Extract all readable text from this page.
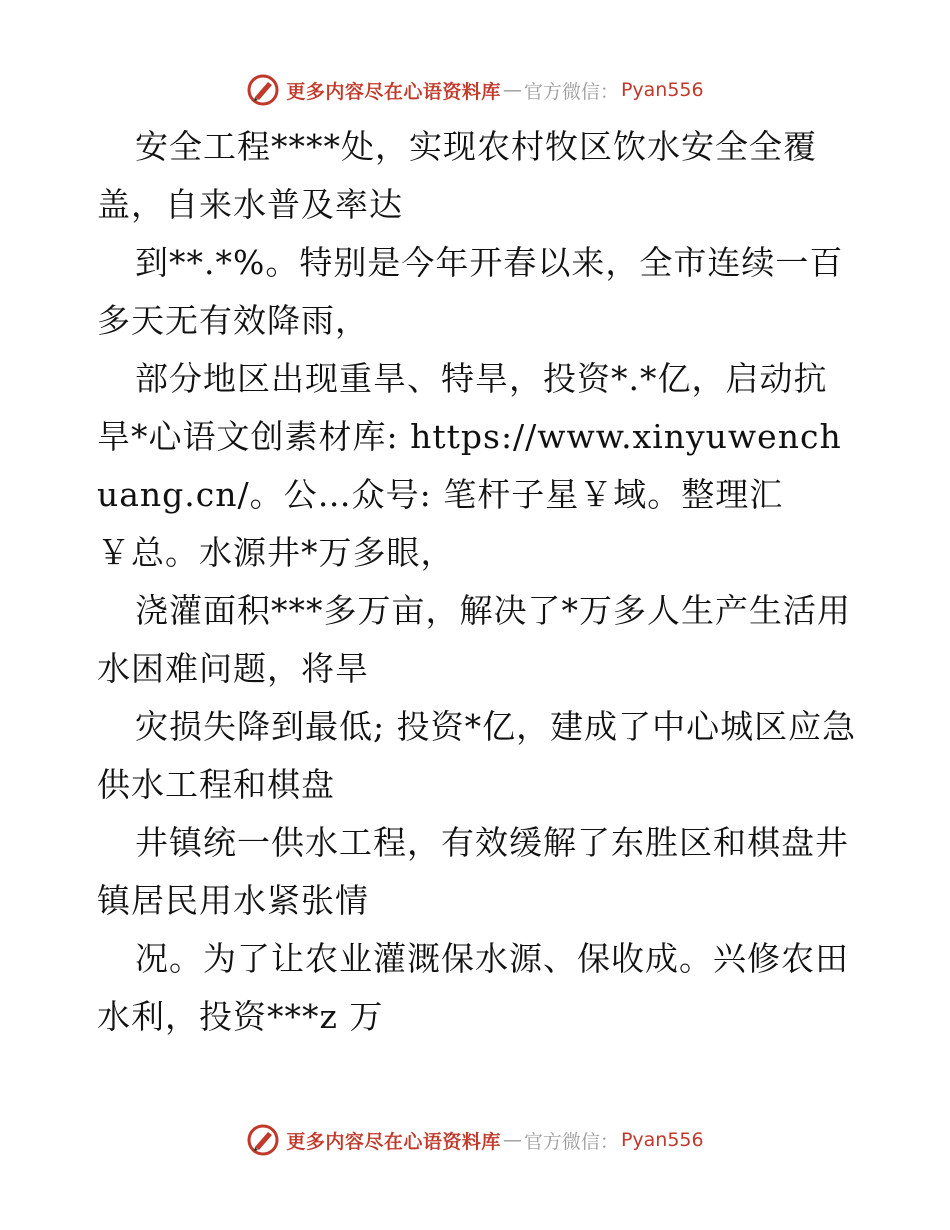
更多内容尽在心语资料库 — 官方微信： Pyan556

安全工程****处，实现农村牧区饮水安全全覆盖，自来水普及率达

到**.*%。特别是今年开春以来，全市连续一百多天无有效降雨，

部分地区出现重旱、特旱，投资*.*亿，启动抗旱*心语文创素材库: https://www.xinyuwenchuang.cn/。公…众号: 笔杆子星￥域。整理汇￥总。水源井*万多眼，

浇灌面积***多万亩，解决了*万多人生产生活用水困难问题，将旱

灾损失降到最低; 投资*亿，建成了中心城区应急供水工程和棋盘

井镇统一供水工程，有效缓解了东胜区和棋盘井镇居民用水紧张情

况。为了让农业灌溉保水源、保收成。兴修农田水利，投资***z 万

更多内容尽在心语资料库 — 官方微信： Pyan556
